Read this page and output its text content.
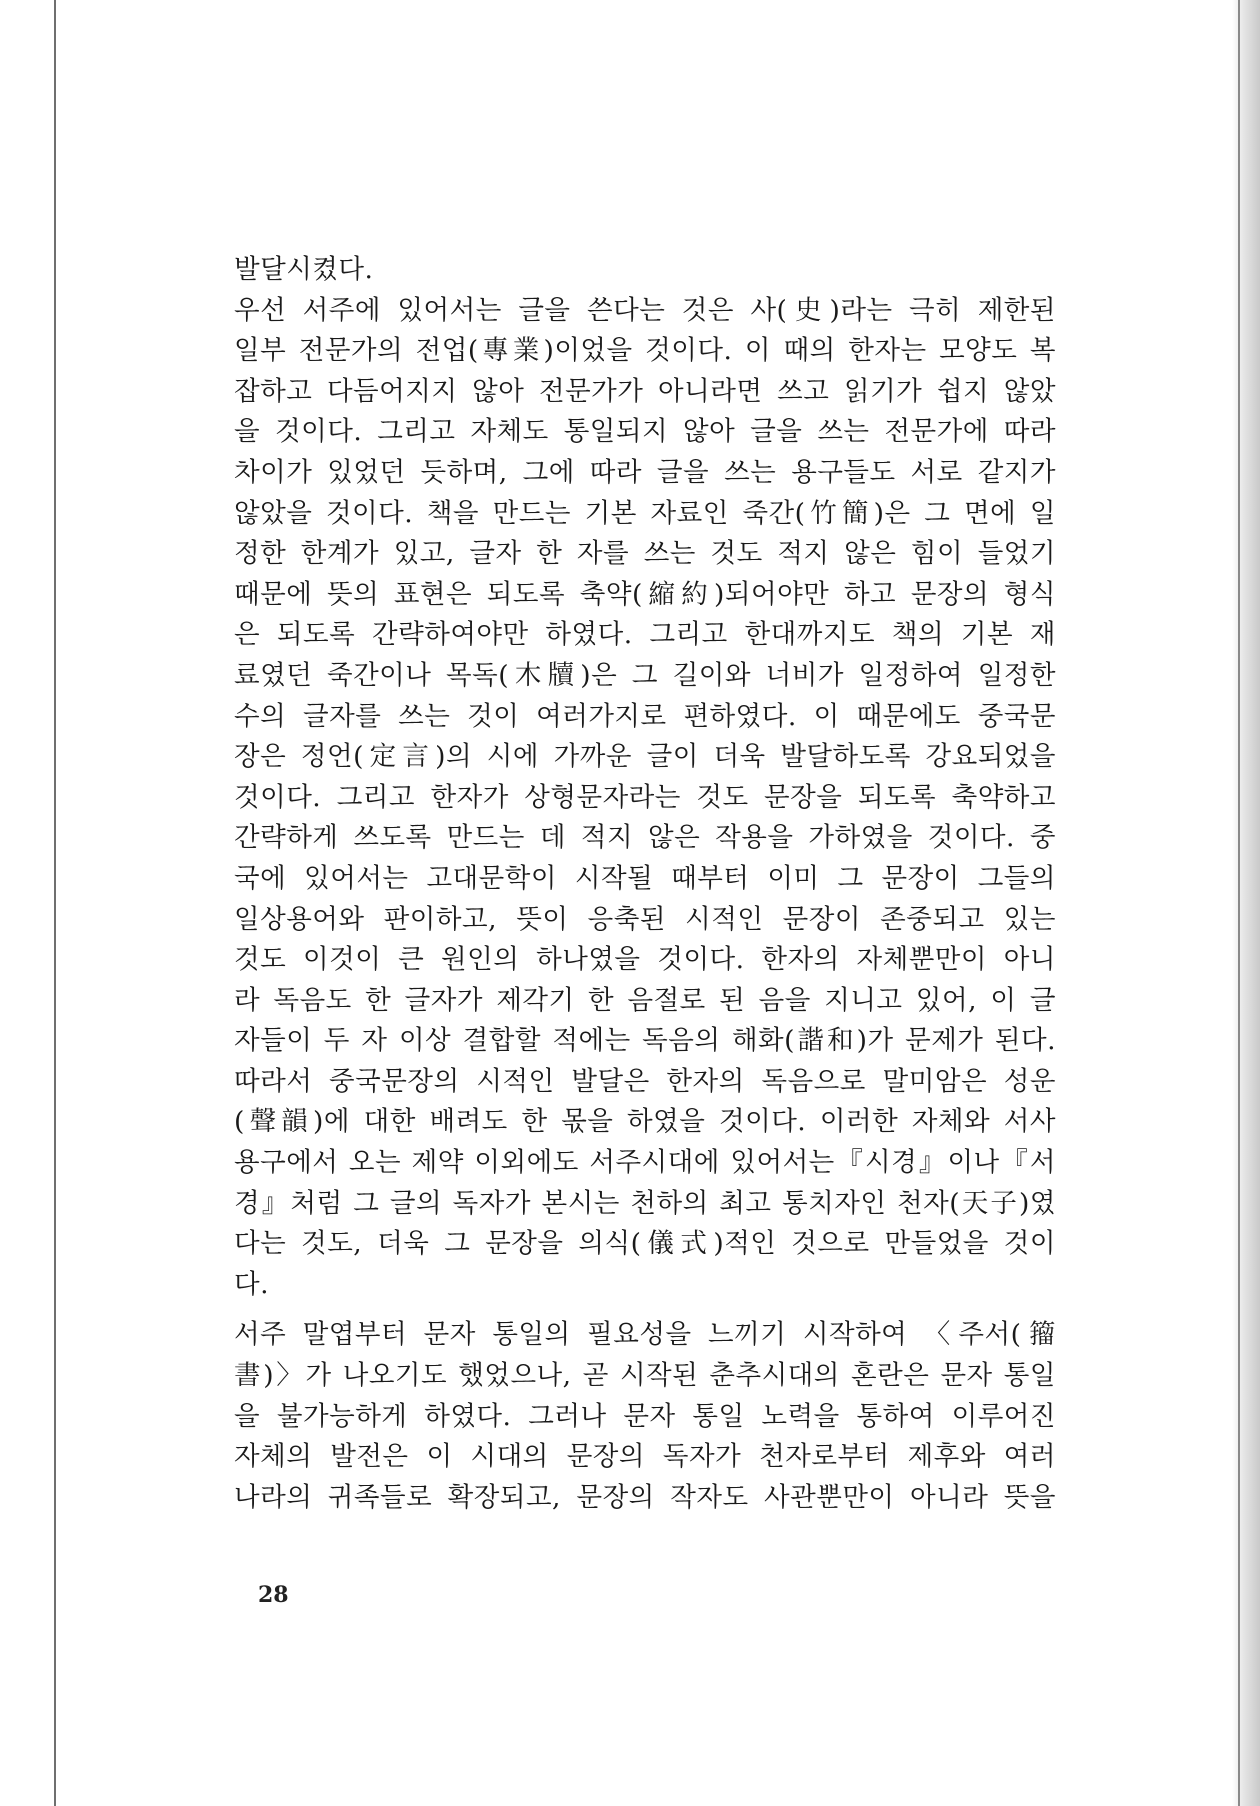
발달시켰다.
우선 서주에 있어서는 글을 쓴다는 것은 사(史)라는 극히 제한된
일부 전문가의 전업(專業)이었을 것이다. 이 때의 한자는 모양도 복
잡하고 다듬어지지 않아 전문가가 아니라면 쓰고 읽기가 쉽지 않았
을 것이다. 그리고 자체도 통일되지 않아 글을 쓰는 전문가에 따라
차이가 있었던 듯하며, 그에 따라 글을 쓰는 용구들도 서로 같지가
않았을 것이다. 책을 만드는 기본 자료인 죽간(竹簡)은 그 면에 일
정한 한계가 있고, 글자 한 자를 쓰는 것도 적지 않은 힘이 들었기
때문에 뜻의 표현은 되도록 축약(縮約)되어야만 하고 문장의 형식
은 되도록 간략하여야만 하였다. 그리고 한대까지도 책의 기본 재
료였던 죽간이나 목독(木牘)은 그 길이와 너비가 일정하여 일정한
수의 글자를 쓰는 것이 여러가지로 편하였다. 이 때문에도 중국문
장은 정언(定言)의 시에 가까운 글이 더욱 발달하도록 강요되었을
것이다. 그리고 한자가 상형문자라는 것도 문장을 되도록 축약하고
간략하게 쓰도록 만드는 데 적지 않은 작용을 가하였을 것이다. 중
국에 있어서는 고대문학이 시작될 때부터 이미 그 문장이 그들의
일상용어와 판이하고, 뜻이 응축된 시적인 문장이 존중되고 있는
것도 이것이 큰 원인의 하나였을 것이다. 한자의 자체뿐만이 아니
라 독음도 한 글자가 제각기 한 음절로 된 음을 지니고 있어, 이 글
자들이 두 자 이상 결합할 적에는 독음의 해화(諧和)가 문제가 된다.
따라서 중국문장의 시적인 발달은 한자의 독음으로 말미암은 성운
(聲韻)에 대한 배려도 한 몫을 하였을 것이다. 이러한 자체와 서사
용구에서 오는 제약 이외에도 서주시대에 있어서는『시경』이나『서
경』처럼 그 글의 독자가 본시는 천하의 최고 통치자인 천자(天子)였
다는 것도, 더욱 그 문장을 의식(儀式)적인 것으로 만들었을 것이
다.
서주 말엽부터 문자 통일의 필요성을 느끼기 시작하여 〈주서(籀
書)〉가 나오기도 했었으나, 곧 시작된 춘추시대의 혼란은 문자 통일
을 불가능하게 하였다. 그러나 문자 통일 노력을 통하여 이루어진
자체의 발전은 이 시대의 문장의 독자가 천자로부터 제후와 여러
나라의 귀족들로 확장되고, 문장의 작자도 사관뿐만이 아니라 뜻을
28
